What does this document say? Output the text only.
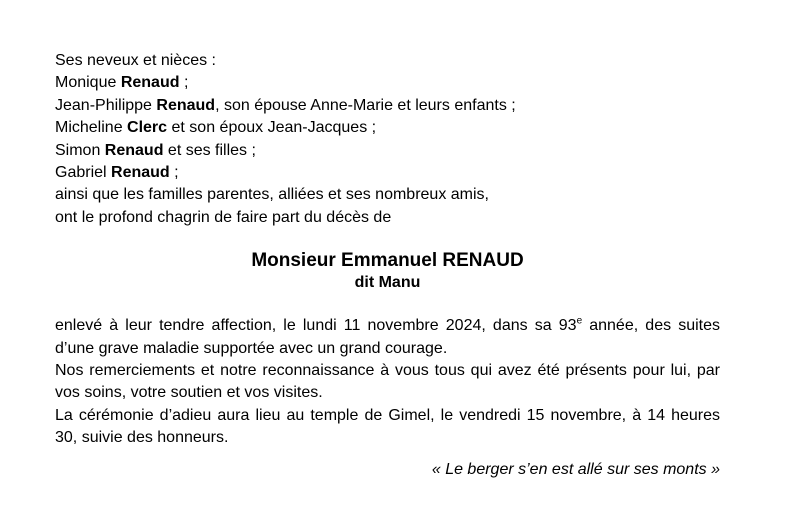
Ses neveux et nièces :
Monique Renaud ;
Jean-Philippe Renaud, son épouse Anne-Marie et leurs enfants ;
Micheline Clerc et son époux Jean-Jacques ;
Simon Renaud et ses filles ;
Gabriel Renaud ;
ainsi que les familles parentes, alliées et ses nombreux amis,
ont le profond chagrin de faire part du décès de
Monsieur Emmanuel RENAUD
dit Manu

enlevé à leur tendre affection, le lundi 11 novembre 2024, dans sa 93e année, des suites d’une grave maladie supportée avec un grand courage.

Nos remerciements et notre reconnaissance à vous tous qui avez été présents pour lui, par vos soins, votre soutien et vos visites.

La cérémonie d’adieu aura lieu au temple de Gimel, le vendredi 15 novembre, à 14 heures 30, suivie des honneurs.

« Le berger s’en est allé sur ses monts »
